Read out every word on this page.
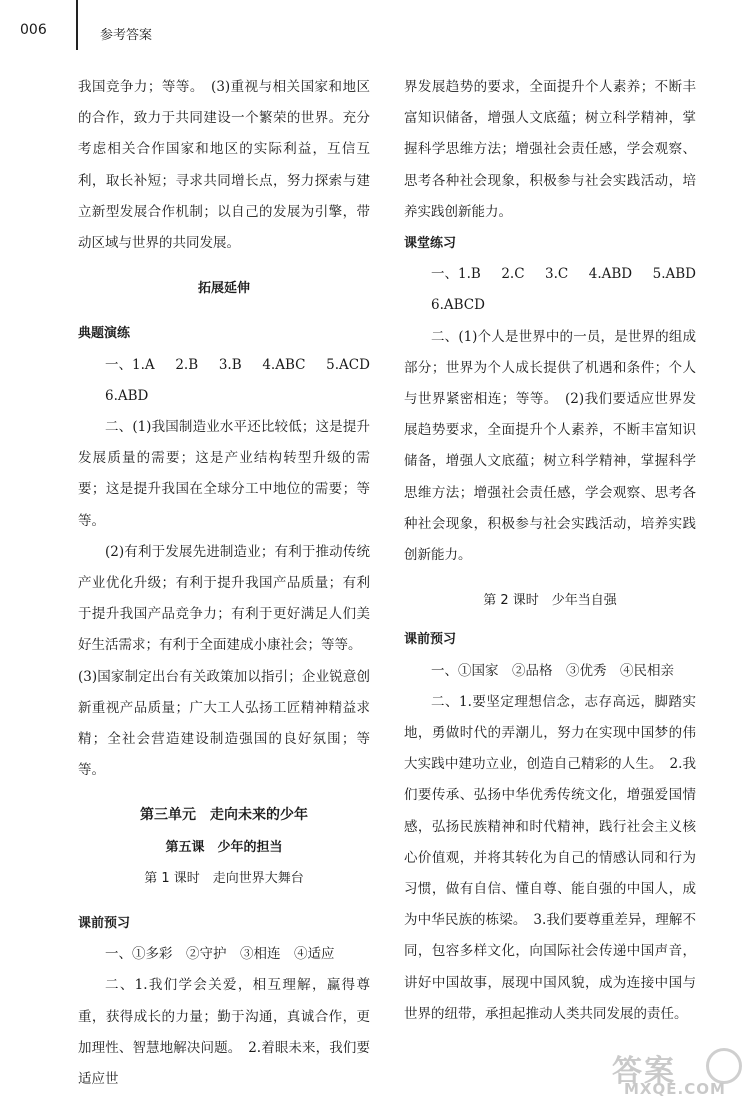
006	参考答案

我国竞争力；等等。　(3)重视与相关国家和地区的合作，致力于共同建设一个繁荣的世界。充分考虑相关合作国家和地区的实际利益，互信互利，取长补短；寻求共同增长点，努力探索与建立新型发展合作机制；以自己的发展为引擎，带动区域与世界的共同发展。

拓展延伸

典题演练

一、1.A 2.B 3.B 4.ABC 5.ACD

6.ABD

二、(1)我国制造业水平还比较低；这是提升发展质量的需要；这是产业结构转型升级的需要；这是提升我国在全球分工中地位的需要；等等。

(2)有利于发展先进制造业；有利于推动传统产业优化升级；有利于提升我国产品质量；有利于提升我国产品竞争力；有利于更好满足人们美好生活需求；有利于全面建成小康社会；等等。

(3)国家制定出台有关政策加以指引；企业锐意创新重视产品质量；广大工人弘扬工匠精神精益求精；全社会营造建设制造强国的良好氛围；等等。

第三单元　走向未来的少年

第五课　少年的担当

第 1 课时　走向世界大舞台

课前预习

一、①多彩　②守护　③相连　④适应

二、1.我们学会关爱，相互理解，赢得尊重，获得成长的力量；勤于沟通，真诚合作，更加理性、智慧地解决问题。　2.着眼未来，我们要适应世

界发展趋势的要求，全面提升个人素养；不断丰富知识储备，增强人文底蕴；树立科学精神，掌握科学思维方法；增强社会责任感，学会观察、思考各种社会现象，积极参与社会实践活动，培养实践创新能力。

课堂练习

一、1.B 2.C 3.C 4.ABD 5.ABD

6.ABCD

二、(1)个人是世界中的一员，是世界的组成部分；世界为个人成长提供了机遇和条件；个人与世界紧密相连；等等。　(2)我们要适应世界发展趋势要求，全面提升个人素养，不断丰富知识储备，增强人文底蕴；树立科学精神，掌握科学思维方法；增强社会责任感，学会观察、思考各种社会现象，积极参与社会实践活动，培养实践创新能力。

第 2 课时　少年当自强

课前预习

一、①国家　②品格　③优秀　④民相亲

二、1.要坚定理想信念，志存高远，脚踏实地，勇做时代的弄潮儿，努力在实现中国梦的伟大实践中建功立业，创造自己精彩的人生。　2.我们要传承、弘扬中华优秀传统文化，增强爱国情感，弘扬民族精神和时代精神，践行社会主义核心价值观，并将其转化为自己的情感认同和行为习惯，做有自信、懂自尊、能自强的中国人，成为中华民族的栋梁。　3.我们要尊重差异，理解不同，包容多样文化，向国际社会传递中国声音，讲好中国故事，展现中国风貌，成为连接中国与世界的纽带，承担起推动人类共同发展的责任。

答案
MXQE.COM
